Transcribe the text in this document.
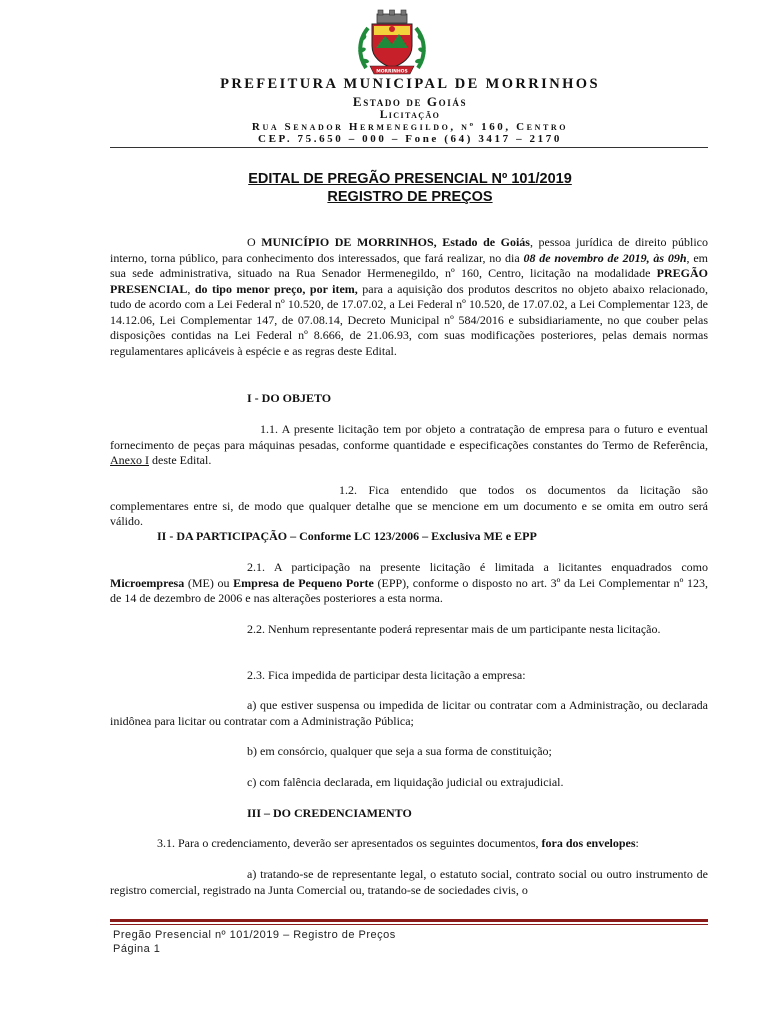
MORRINHOS
PREFEITURA MUNICIPAL DE MORRINHOS
Estado de Goiás
Licitação
Rua Senador Hermenegildo, nº 160, Centro
CEP. 75.650 – 000 – Fone (64) 3417 – 2170
EDITAL DE PREGÃO PRESENCIAL Nº 101/2019
REGISTRO DE PREÇOS
O MUNICÍPIO DE MORRINHOS, Estado de Goiás, pessoa jurídica de direito público interno, torna público, para conhecimento dos interessados, que fará realizar, no dia 08 de novembro de 2019, às 09h, em sua sede administrativa, situado na Rua Senador Hermenegildo, nº 160, Centro, licitação na modalidade PREGÃO PRESENCIAL, do tipo menor preço, por item, para a aquisição dos produtos descritos no objeto abaixo relacionado, tudo de acordo com a Lei Federal nº 10.520, de 17.07.02, a Lei Federal nº 10.520, de 17.07.02, a Lei Complementar 123, de 14.12.06, Lei Complementar 147, de 07.08.14, Decreto Municipal nº 584/2016 e subsidiariamente, no que couber pelas disposições contidas na Lei Federal nº 8.666, de 21.06.93, com suas modificações posteriores, pelas demais normas regulamentares aplicáveis à espécie e as regras deste Edital.
I - DO OBJETO
1.1. A presente licitação tem por objeto a contratação de empresa para o futuro e eventual fornecimento de peças para máquinas pesadas, conforme quantidade e especificações constantes do Termo de Referência, Anexo I deste Edital.
1.2. Fica entendido que todos os documentos da licitação são complementares entre si, de modo que qualquer detalhe que se mencione em um documento e se omita em outro será válido.
II - DA PARTICIPAÇÃO – Conforme LC 123/2006 – Exclusiva ME e EPP
2.1. A participação na presente licitação é limitada a licitantes enquadrados como Microempresa (ME) ou Empresa de Pequeno Porte (EPP), conforme o disposto no art. 3º da Lei Complementar nº 123, de 14 de dezembro de 2006 e nas alterações posteriores a esta norma.
2.2. Nenhum representante poderá representar mais de um participante nesta licitação.
2.3. Fica impedida de participar desta licitação a empresa:
a) que estiver suspensa ou impedida de licitar ou contratar com a Administração, ou declarada inidônea para licitar ou contratar com a Administração Pública;
b) em consórcio, qualquer que seja a sua forma de constituição;
c) com falência declarada, em liquidação judicial ou extrajudicial.
III – DO CREDENCIAMENTO
3.1. Para o credenciamento, deverão ser apresentados os seguintes documentos, fora dos envelopes:
a) tratando-se de representante legal, o estatuto social, contrato social ou outro instrumento de registro comercial, registrado na Junta Comercial ou, tratando-se de sociedades civis, o
Pregão Presencial nº 101/2019 – Registro de Preços
Página 1
